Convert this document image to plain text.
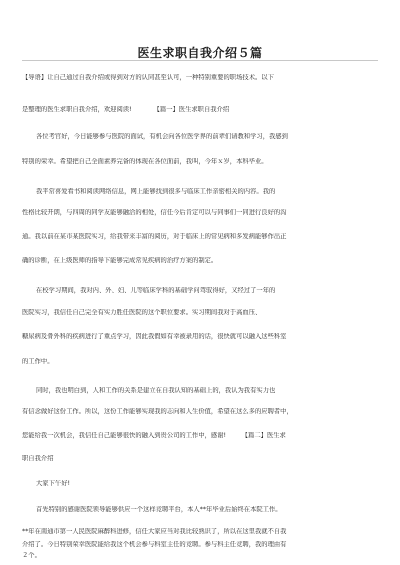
医生求职自我介绍５篇
【导语】让自己通过自我介绍或得到对方的认同甚至认可，一种特别重要的职场技术。以下
是整理的医生求职自我介绍，欢迎阅读!　　　　【篇一】医生求职自我介绍
各位考官好，今日能够参与医院的面试，有机会向各位医学界的前辈们请教和学习，我感到
特别的荣幸。希望把自己全面素养完备的体现在各位面前，我叫，今年ｘ岁，本科毕业。
我平常喜爱看书和阅读网络信息，网上能够找到很多与临床工作亲密相关的内容。我的
性格比较开朗，与四周的同学友能够融洽的相处，信任今后肯定可以与同事们一同进行良好的沟
通。我以前在某市某医院实习，给我带来丰富的阅历，对于临床上的常见病和多发病能够作出正
确的诊断，在上级医师的指导下能够完成常见疾病的治疗方案的制定。
在校学习期间，我对内、外、妇、儿等临床学科的基础学问驾驭得好，又经过了一年的
医院实习，我信任自己完全有实力胜任医院的这个职位要求。实习期间我对于高血压、
糖尿病及骨外科的疾病进行了重点学习，因此我假如有幸被录用的话，很快就可以融入这些科室
的工作中。
同时，我也明白到，人和工作的关系是建立在自我认知的基础上的，我认为我有实力也
有信念做好这份工作。所以，这份工作能够实现我的志向和人生价值，希望在这么多的应聘者中，
您能给我一次机会，我信任自己能够很快的融入到贵公司的工作中，感谢!　　　【篇二】医生求
职自我介绍
大家下午好!
首先特别的感谢医院领导能够供应一个这样竞聘平台，本人**年毕业后始终在本院工作。
**年在南通市第一人民医院麻醉科进修，信任大家应当对我比较熟识了，所以在这里我就不自我
介绍了。今日特别荣幸医院能给我这个机会参与科室主任的竞聘。参与科主任竞聘，我的理由有
２个。
